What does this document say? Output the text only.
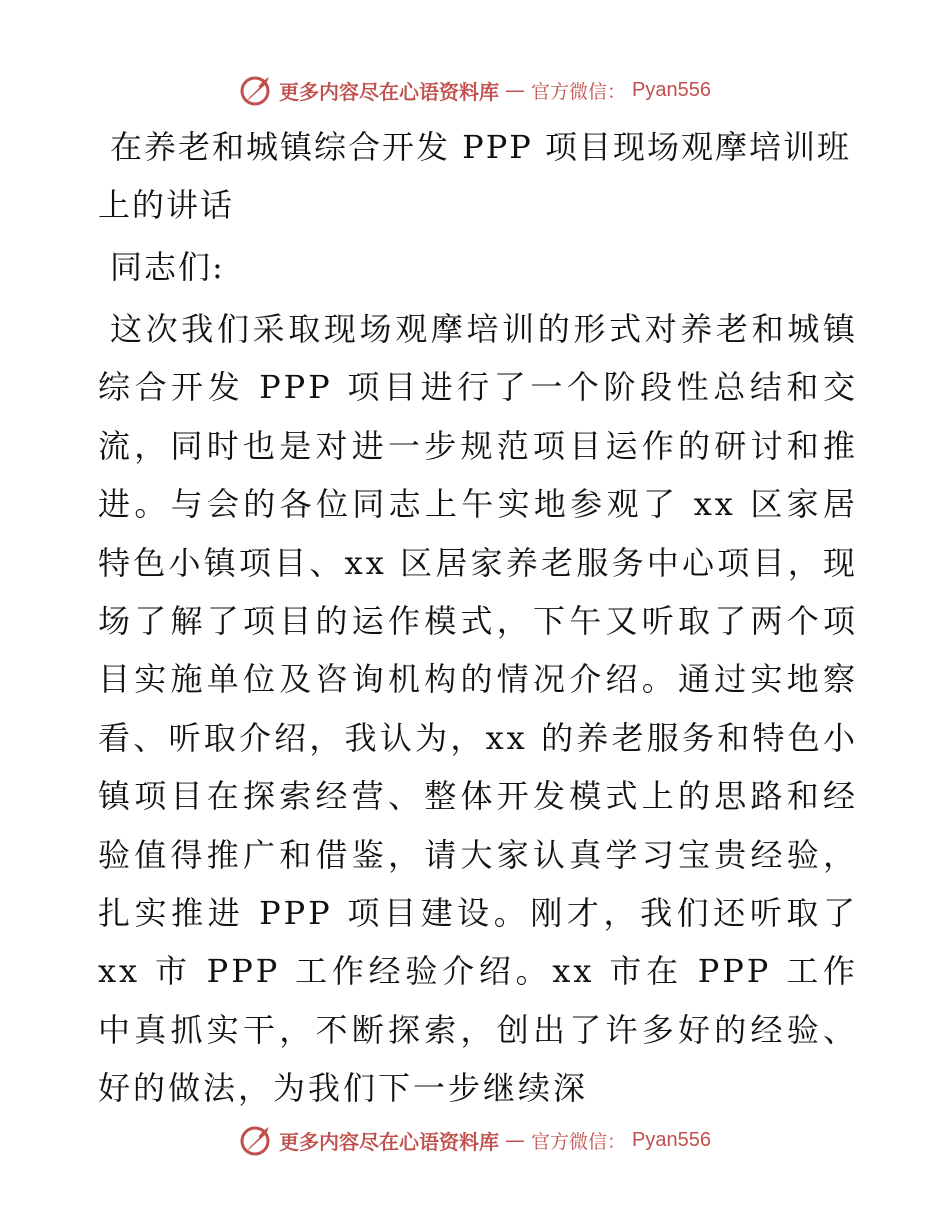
更多内容尽在心语资料库 — 官方微信： Pyan556
在养老和城镇综合开发 PPP 项目现场观摩培训班上的讲话

同志们:

这次我们采取现场观摩培训的形式对养老和城镇综合开发 PPP 项目进行了一个阶段性总结和交流，同时也是对进一步规范项目运作的研讨和推进。与会的各位同志上午实地参观了 xx 区家居特色小镇项目、xx 区居家养老服务中心项目，现场了解了项目的运作模式，下午又听取了两个项目实施单位及咨询机构的情况介绍。通过实地察看、听取介绍，我认为，xx 的养老服务和特色小镇项目在探索经营、整体开发模式上的思路和经验值得推广和借鉴，请大家认真学习宝贵经验，扎实推进 PPP 项目建设。刚才，我们还听取了 xx 市 PPP 工作经验介绍。xx 市在 PPP 工作中真抓实干，不断探索，创出了许多好的经验、好的做法，为我们下一步继续深

更多内容尽在心语资料库 — 官方微信： Pyan556
